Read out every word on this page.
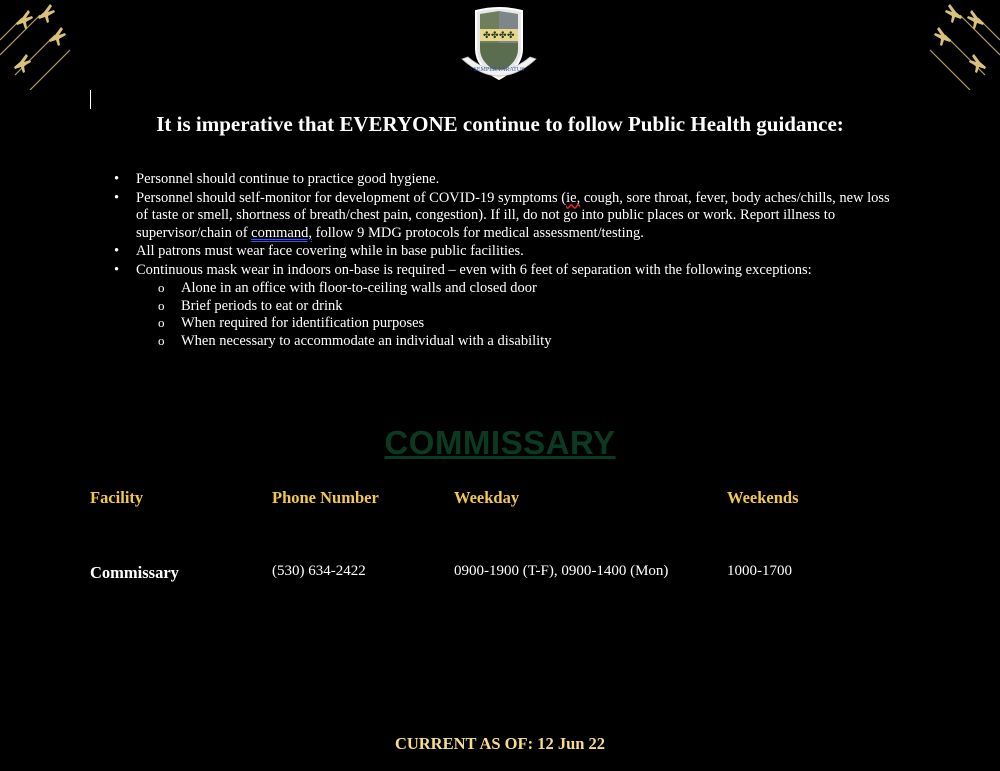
✤ ✤ ✤ ✤
SEMPER PARATUS
It is imperative that EVERYONE continue to follow Public Health guidance:
• Personnel should continue to practice good hygiene.
• Personnel should self-monitor for development of COVID-19 symptoms (ie, cough, sore throat, fever, body aches/chills, new loss of taste or smell, shortness of breath/chest pain, congestion). If ill, do not go into public places or work. Report illness to supervisor/chain of command, follow 9 MDG protocols for medical assessment/testing.
• All patrons must wear face covering while in base public facilities.
• Continuous mask wear in indoors on-base is required – even with 6 feet of separation with the following exceptions:
o Alone in an office with floor-to-ceiling walls and closed door
o Brief periods to eat or drink
o When required for identification purposes
o When necessary to accommodate an individual with a disability
COMMISSARY
Facility	Phone Number	Weekday	Weekends
Commissary	(530) 634-2422	0900-1900 (T-F), 0900-1400 (Mon)	1000-1700
CURRENT AS OF: 12 Jun 22
